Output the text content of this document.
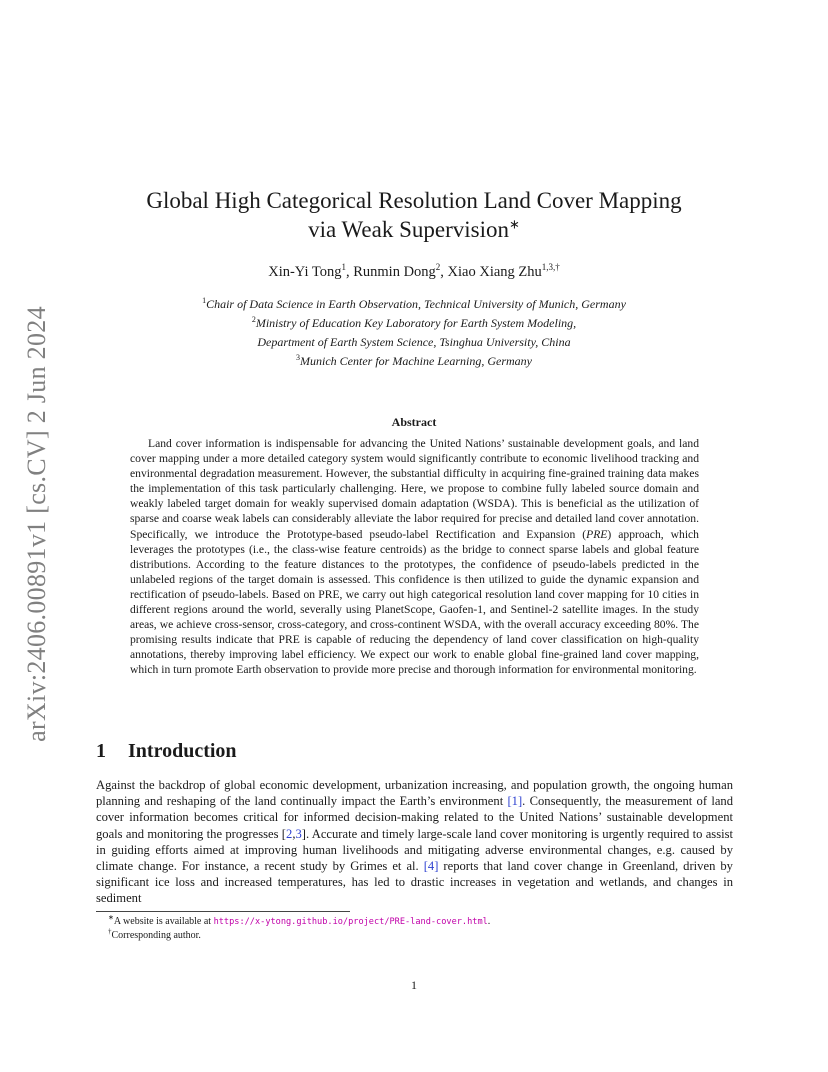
arXiv:2406.00891v1 [cs.CV] 2 Jun 2024
Global High Categorical Resolution Land Cover Mapping
via Weak Supervision∗
Xin-Yi Tong$^1$, Runmin Dong$^2$, Xiao Xiang Zhu$^{1,3,\dagger}$
$^1$Chair of Data Science in Earth Observation, Technical University of Munich, Germany
$^2$Ministry of Education Key Laboratory for Earth System Modeling,
Department of Earth System Science, Tsinghua University, China
$^3$Munich Center for Machine Learning, Germany
Abstract
Land cover information is indispensable for advancing the United Nations’ sustainable development goals, and land cover mapping under a more detailed category system would significantly contribute to economic livelihood tracking and environmental degradation measurement. However, the substantial difficulty in acquiring fine-grained training data makes the implementation of this task particularly challenging. Here, we propose to combine fully labeled source domain and weakly labeled target domain for weakly supervised domain adaptation (WSDA). This is beneficial as the utilization of sparse and coarse weak labels can considerably alleviate the labor required for precise and detailed land cover annotation. Specifically, we introduce the Prototype-based pseudo-label Rectification and Expansion (PRE) approach, which leverages the prototypes (i.e., the class-wise feature centroids) as the bridge to connect sparse labels and global feature distributions. According to the feature distances to the prototypes, the confidence of pseudo-labels predicted in the unlabeled regions of the target domain is assessed. This confidence is then utilized to guide the dynamic expansion and rectification of pseudo-labels. Based on PRE, we carry out high categorical resolution land cover mapping for 10 cities in different regions around the world, severally using PlanetScope, Gaofen-1, and Sentinel-2 satellite images. In the study areas, we achieve cross-sensor, cross-category, and cross-continent WSDA, with the overall accuracy exceeding 80%. The promising results indicate that PRE is capable of reducing the dependency of land cover classification on high-quality annotations, thereby improving label efficiency. We expect our work to enable global fine-grained land cover mapping, which in turn promote Earth observation to provide more precise and thorough information for environmental monitoring.
1 Introduction
Against the backdrop of global economic development, urbanization increasing, and population growth, the ongoing human planning and reshaping of the land continually impact the Earth’s environment [1]. Consequently, the measurement of land cover information becomes critical for informed decision-making related to the United Nations’ sustainable development goals and monitoring the progresses [2,3]. Accurate and timely large-scale land cover monitoring is urgently required to assist in guiding efforts aimed at improving human livelihoods and mitigating adverse environmental changes, e.g. caused by climate change. For instance, a recent study by Grimes et al. [4] reports that land cover change in Greenland, driven by significant ice loss and increased temperatures, has led to drastic increases in vegetation and wetlands, and changes in sediment
∗A website is available at https://x-ytong.github.io/project/PRE-land-cover.html.
†Corresponding author.
1
